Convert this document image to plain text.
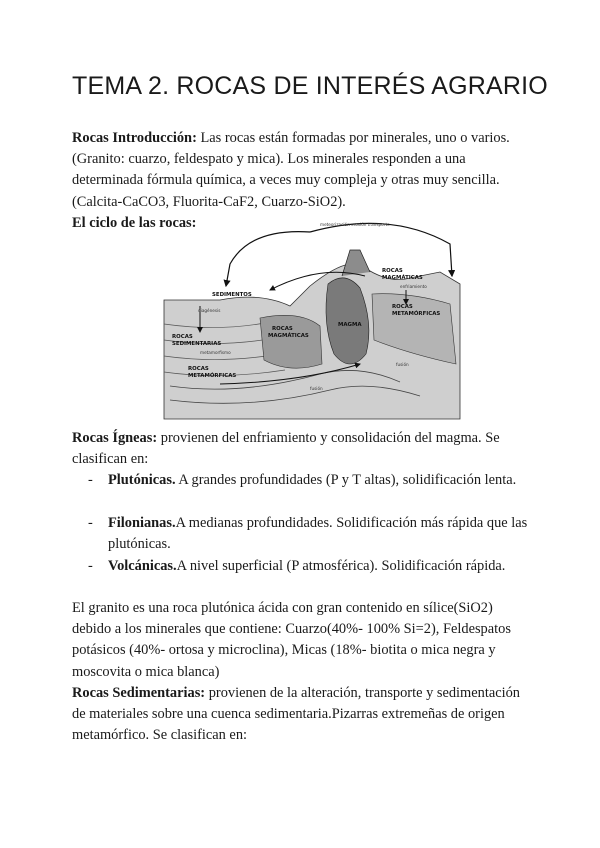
TEMA 2. ROCAS DE INTERÉS AGRARIO
Rocas Introducción: Las rocas están formadas por minerales, uno o varios. (Granito: cuarzo, feldespato y mica). Los minerales responden a una determinada fórmula química, a veces muy compleja y otras muy sencilla. (Calcita-CaCO3, Fluorita-CaF2, Cuarzo-SiO2).
El ciclo de las rocas:	meteorización erosión transporte
SEDIMENTOS
diagénesis
ROCAS
SEDIMENTARIAS
metamorfismo
ROCAS
MAGMÁTICAS
MAGMA
ROCAS
MAGMÁTICAS
enfriamiento
ROCAS
METAMÓRFICAS
fusión
ROCAS
METAMÓRFICAS
fusión
Rocas Ígneas: provienen del enfriamiento y consolidación del magma. Se clasifican en:
- Plutónicas. A grandes profundidades (P y T altas), solidificación lenta.
- Filonianas.A medianas profundidades. Solidificación más rápida que las plutónicas.
- Volcánicas.A nivel superficial (P atmosférica). Solidificación rápida.
El granito es una roca plutónica ácida con gran contenido en sílice(SiO2) debido a los minerales que contiene: Cuarzo(40%- 100% Si=2), Feldespatos potásicos (40%- ortosa y microclina), Micas (18%- biotita o mica negra y moscovita o mica blanca)
Rocas Sedimentarias: provienen de la alteración, transporte y sedimentación de materiales sobre una cuenca sedimentaria.Pizarras extremeñas de origen metamórfico. Se clasifican en:
